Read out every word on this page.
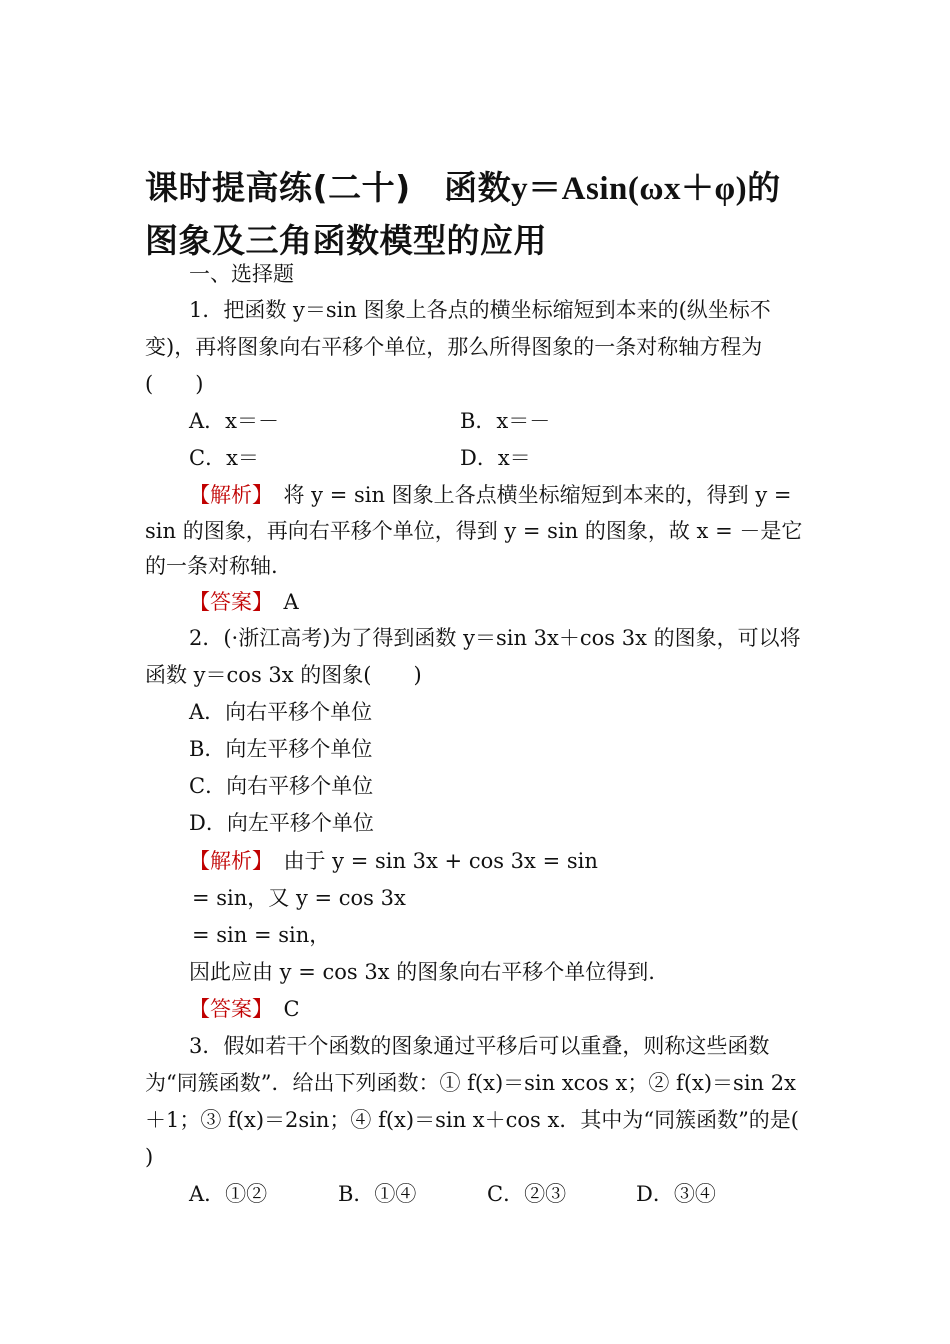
课时提高练(二十)　函数y＝Asin(ωx＋φ)的
图象及三角函数模型的应用
一、选择题
1．把函数 y＝sin 图象上各点的横坐标缩短到本来的(纵坐标不
变)，再将图象向右平移个单位，那么所得图象的一条对称轴方程为
(　　)
A．x＝－	B．x＝－
C．x＝	D．x＝
【解析】　将 y = sin 图象上各点横坐标缩短到本来的，得到 y =
sin 的图象，再向右平移个单位，得到 y = sin 的图象，故 x = －是它
的一条对称轴.
【答案】　A
2．(·浙江高考)为了得到函数 y＝sin 3x＋cos 3x 的图象，可以将
函数 y＝cos 3x 的图象(　　)
A．向右平移个单位
B．向左平移个单位
C．向右平移个单位
D．向左平移个单位
【解析】　由于 y = sin 3x + cos 3x = sin
= sin，又 y = cos 3x
= sin = sin，
因此应由 y = cos 3x 的图象向右平移个单位得到.
【答案】　C
3．假如若干个函数的图象通过平移后可以重叠，则称这些函数
为“同簇函数”．给出下列函数：① f(x)＝sin xcos x；② f(x)＝sin 2x
＋1；③ f(x)＝2sin；④ f(x)＝sin x＋cos x．其中为“同簇函数”的是(
)
A．①②	B．①④	C．②③	D．③④
